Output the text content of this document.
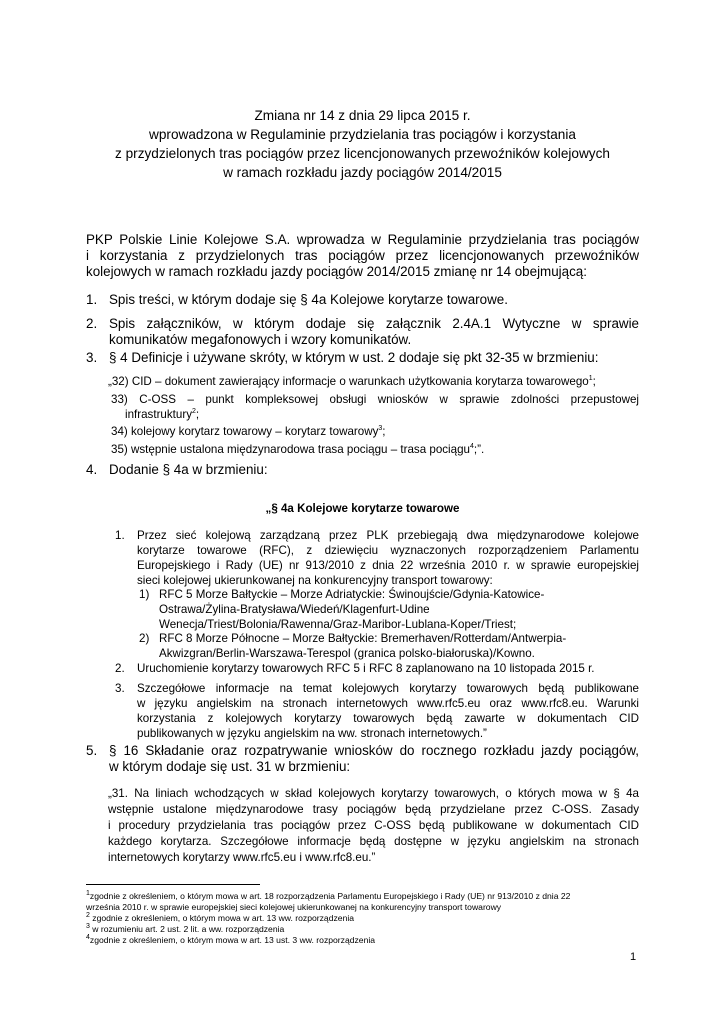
Zmiana nr 14 z dnia 29 lipca 2015 r.
wprowadzona w Regulaminie przydzielania tras pociągów i korzystania
z przydzielonych tras pociągów przez licencjonowanych przewoźników kolejowych
w ramach rozkładu jazdy pociągów 2014/2015
PKP Polskie Linie Kolejowe S.A. wprowadza w Regulaminie przydzielania tras pociągów
i korzystania z przydzielonych tras pociągów przez licencjonowanych przewoźników
kolejowych w ramach rozkładu jazdy pociągów 2014/2015 zmianę nr 14 obejmującą:
1. Spis treści, w którym dodaje się § 4a Kolejowe korytarze towarowe.
2. Spis załączników, w którym dodaje się załącznik 2.4A.1 Wytyczne w sprawie
komunikatów megafonowych i wzory komunikatów.
3. § 4 Definicje i używane skróty, w którym w ust. 2 dodaje się pkt 32-35 w brzmieniu:
„32) CID – dokument zawierający informacje o warunkach użytkowania korytarza towarowego$^1$;
33) C-OSS – punkt kompleksowej obsługi wniosków w sprawie zdolności przepustowej
infrastruktury$^2$;
34) kolejowy korytarz towarowy – korytarz towarowy$^3$;
35) wstępnie ustalona międzynarodowa trasa pociągu – trasa pociągu$^4$;”.
4. Dodanie § 4a w brzmieniu:
„§ 4a Kolejowe korytarze towarowe
1. Przez sieć kolejową zarządzaną przez PLK przebiegają dwa międzynarodowe kolejowe
korytarze towarowe (RFC), z dziewięciu wyznaczonych rozporządzeniem Parlamentu
Europejskiego i Rady (UE) nr 913/2010 z dnia 22 września 2010 r. w sprawie europejskiej
sieci kolejowej ukierunkowanej na konkurencyjny transport towarowy:
1) RFC 5 Morze Bałtyckie – Morze Adriatyckie: Świnoujście/Gdynia-Katowice-
Ostrawa/Żylina-Bratysława/Wiedeń/Klagenfurt-Udine
Wenecja/Triest/Bolonia/Rawenna/Graz-Maribor-Lublana-Koper/Triest;
2) RFC 8 Morze Północne – Morze Bałtyckie: Bremerhaven/Rotterdam/Antwerpia-
Akwizgran/Berlin-Warszawa-Terespol (granica polsko-białoruska)/Kowno.
2. Uruchomienie korytarzy towarowych RFC 5 i RFC 8 zaplanowano na 10 listopada 2015 r.
3. Szczegółowe informacje na temat kolejowych korytarzy towarowych będą publikowane
w języku angielskim na stronach internetowych www.rfc5.eu oraz www.rfc8.eu. Warunki
korzystania z kolejowych korytarzy towarowych będą zawarte w dokumentach CID
publikowanych w języku angielskim na ww. stronach internetowych.”
5. § 16 Składanie oraz rozpatrywanie wniosków do rocznego rozkładu jazdy pociągów,
w którym dodaje się ust. 31 w brzmieniu:
„31. Na liniach wchodzących w skład kolejowych korytarzy towarowych, o których mowa w § 4a
wstępnie ustalone międzynarodowe trasy pociągów będą przydzielane przez C-OSS. Zasady
i procedury przydzielania tras pociągów przez C-OSS będą publikowane w dokumentach CID
każdego korytarza. Szczegółowe informacje będą dostępne w języku angielskim na stronach
internetowych korytarzy www.rfc5.eu i www.rfc8.eu.”
$^1$zgodnie z określeniem, o którym mowa w art. 18 rozporządzenia Parlamentu Europejskiego i Rady (UE) nr 913/2010 z dnia 22
września 2010 r. w sprawie europejskiej sieci kolejowej ukierunkowanej na konkurencyjny transport towarowy
$^2$ zgodnie z określeniem, o którym mowa w art. 13 ww. rozporządzenia
$^3$ w rozumieniu art. 2 ust. 2 lit. a ww. rozporządzenia
$^4$zgodnie z określeniem, o którym mowa w art. 13 ust. 3 ww. rozporządzenia
1
